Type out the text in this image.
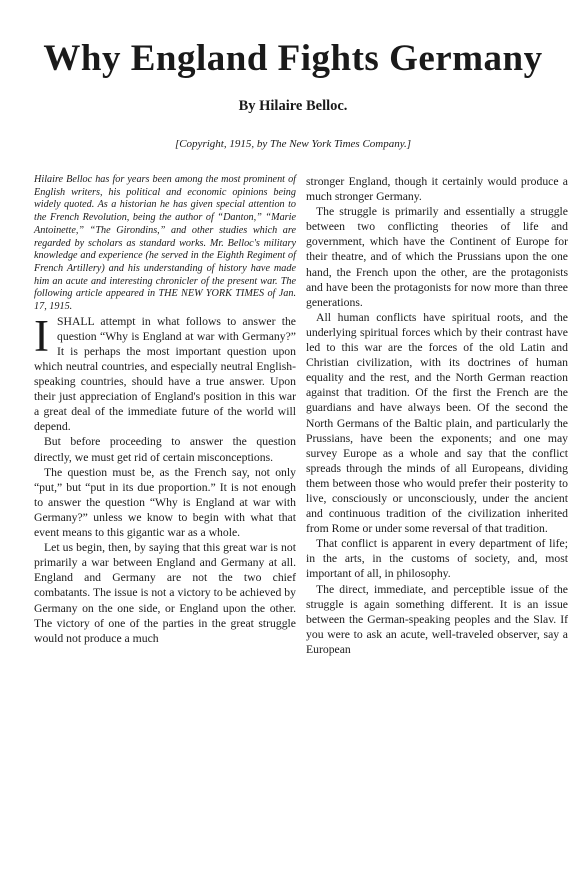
Why England Fights Germany
By Hilaire Belloc.
[Copyright, 1915, by The New York Times Company.]

Hilaire Belloc has for years been among the most prominent of English writers, his political and economic opinions being widely quoted. As a historian he has given special attention to the French Revolution, being the author of “Danton,” “Marie Antoinette,” “The Girondins,” and other studies which are regarded by scholars as standard works. Mr. Belloc's military knowledge and experience (he served in the Eighth Regiment of French Artillery) and his understanding of history have made him an acute and interesting chronicler of the present war. The following article appeared in THE NEW YORK TIMES of Jan. 17, 1915.

ISHALL attempt in what follows to answer the question “Why is England at war with Germany?” It is perhaps the most important question upon which neutral countries, and especially neutral English-speaking countries, should have a true answer. Upon their just appreciation of England's position in this war a great deal of the immediate future of the world will depend.

But before proceeding to answer the question directly, we must get rid of certain misconceptions.

The question must be, as the French say, not only “put,” but “put in its due proportion.” It is not enough to answer the question “Why is England at war with Germany?” unless we know to begin with what that event means to this gigantic war as a whole.

Let us begin, then, by saying that this great war is not primarily a war between England and Germany at all. England and Germany are not the two chief combatants. The issue is not a victory to be achieved by Germany on the one side, or England upon the other. The victory of one of the parties in the great struggle would not produce a much

stronger England, though it certainly would produce a much stronger Germany.

The struggle is primarily and essentially a struggle between two conflicting theories of life and government, which have the Continent of Europe for their theatre, and of which the Prussians upon the one hand, the French upon the other, are the protagonists and have been the protagonists for now more than three generations.

All human conflicts have spiritual roots, and the underlying spiritual forces which by their contrast have led to this war are the forces of the old Latin and Christian civilization, with its doctrines of human equality and the rest, and the North German reaction against that tradition. Of the first the French are the guardians and have always been. Of the second the North Germans of the Baltic plain, and particularly the Prussians, have been the exponents; and one may survey Europe as a whole and say that the conflict spreads through the minds of all Europeans, dividing them between those who would prefer their posterity to live, consciously or unconsciously, under the ancient and continuous tradition of the civilization inherited from Rome or under some reversal of that tradition.

That conflict is apparent in every department of life; in the arts, in the customs of society, and, most important of all, in philosophy.

The direct, immediate, and perceptible issue of the struggle is again something different. It is an issue between the German-speaking peoples and the Slav. If you were to ask an acute, well-traveled observer, say a European
